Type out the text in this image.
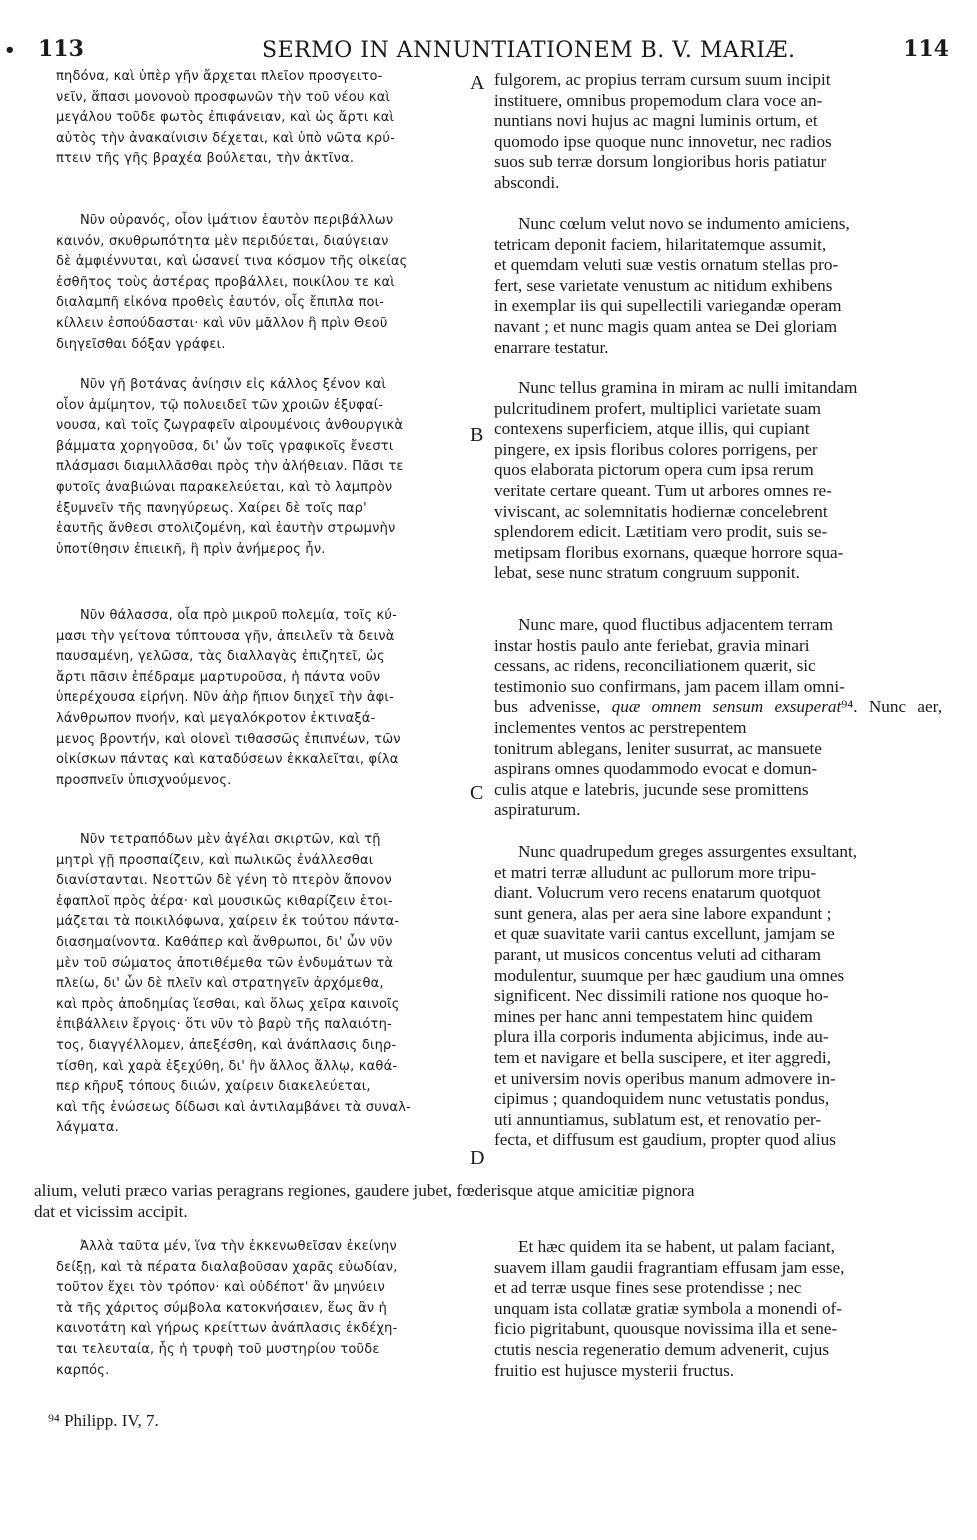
• 113	SERMO IN ANNUNTIATIONEM B. V. MARIÆ.	114
πηδόνα, καὶ ὑπὲρ γῆν ἄρχεται πλεῖον προσγειτο-
νεῖν, ἅπασι μονονοὺ προσφωνῶν τὴν τοῦ νέου καὶ
μεγάλου τοῦδε φωτὸς ἐπιφάνειαν, καὶ ὡς ἄρτι καὶ
αὐτὸς τὴν ἀνακαίνισιν δέχεται, καὶ ὑπὸ νῶτα κρύ-
πτειν τῆς γῆς βραχέα βούλεται, τὴν ἀκτῖνα.
Νῦν οὐρανός, οἷον ἱμάτιον ἑαυτὸν περιβάλλων
καινόν, σκυθρωπότητα μὲν περιδύεται, διαύγειαν
δὲ ἀμφιέννυται, καὶ ὡσανεί τινα κόσμον τῆς οἰκείας
ἐσθῆτος τοὺς ἀστέρας προβάλλει, ποικίλου τε καὶ
διαλαμπῆ εἰκόνα προθεὶς ἑαυτόν, οἷς ἔπιπλα ποι-
κίλλειν ἐσπούδασται· καὶ νῦν μᾶλλον ἢ πρὶν Θεοῦ
διηγεῖσθαι δόξαν γράφει.
Νῦν γῆ βοτάνας ἀνίησιν εἰς κάλλος ξένον καὶ
οἷον ἀμίμητον, τῷ πολυειδεῖ τῶν χροιῶν ἐξυφαί-
νουσα, καὶ τοῖς ζωγραφεῖν αἱρουμένοις ἀνθουργικὰ
βάμματα χορηγοῦσα, δι' ὧν τοῖς γραφικοῖς ἔνεστι
πλάσμασι διαμιλλᾶσθαι πρὸς τὴν ἀλήθειαν. Πᾶσι τε
φυτοῖς ἀναβιώναι παρακελεύεται, καὶ τὸ λαμπρὸν
ἐξυμνεῖν τῆς πανηγύρεως. Χαίρει δὲ τοῖς παρ'
ἑαυτῆς ἄνθεσι στολιζομένη, καὶ ἑαυτὴν στρωμνὴν
ὑποτίθησιν ἐπιεικῆ, ἣ πρὶν ἀνήμερος ἦν.
Νῦν θάλασσα, οἷα πρὸ μικροῦ πολεμία, τοῖς κύ-
μασι τὴν γείτονα τύπτουσα γῆν, ἀπειλεῖν τὰ δεινὰ
παυσαμένη, γελῶσα, τὰς διαλλαγὰς ἐπιζητεῖ, ὡς
ἄρτι πᾶσιν ἐπέδραμε μαρτυροῦσα, ἡ πάντα νοῦν
ὑπερέχουσα εἰρήνη. Νῦν ἀὴρ ἤπιον διηχεῖ τὴν ἀφι-
λάνθρωπον πνοήν, καὶ μεγαλόκροτον ἐκτιναξά-
μενος βροντήν, καὶ οἱονεὶ τιθασσῶς ἐπιπνέων, τῶν
οἰκίσκων πάντας καὶ καταδύσεων ἐκκαλεῖται, φίλα
προσπνεῖν ὑπισχνούμενος.
Νῦν τετραπόδων μὲν ἀγέλαι σκιρτῶν, καὶ τῇ
μητρὶ γῇ προσπαίζειν, καὶ πωλικῶς ἐνάλλεσθαι
διανίστανται. Νεοττῶν δὲ γένη τὸ πτερὸν ἄπονον
ἐφαπλοῖ πρὸς ἀέρα· καὶ μουσικῶς κιθαρίζειν ἑτοι-
μάζεται τὰ ποικιλόφωνα, χαίρειν ἐκ τούτου πάντα-
διασημαίνοντα. Καθάπερ καὶ ἄνθρωποι, δι' ὧν νῦν
μὲν τοῦ σώματος ἀποτιθέμεθα τῶν ἐνδυμάτων τὰ
πλείω, δι' ὧν δὲ πλεῖν καὶ στρατηγεῖν ἀρχόμεθα,
καὶ πρὸς ἀποδημίας ἵεσθαι, καὶ ὅλως χεῖρα καινοῖς
ἐπιβάλλειν ἔργοις· ὅτι νῦν τὸ βαρὺ τῆς παλαιότη-
τος, διαγγέλλομεν, ἀπεξέσθη, καὶ ἀνάπλασις διηρ-
τίσθη, καὶ χαρὰ ἐξεχύθη, δι' ἣν ἄλλος ἄλλῳ, καθά-
περ κῆρυξ τόπους διιών, χαίρειν διακελεύεται,
καὶ τῆς ἑνώσεως δίδωσι καὶ ἀντιλαμβάνει τὰ συναλ-
λάγματα.
Ἀλλὰ ταῦτα μέν, ἵνα τὴν ἐκκενωθεῖσαν ἐκείνην
δείξῃ, καὶ τὰ πέρατα διαλαβοῦσαν χαρᾶς εὐωδίαν,
τοῦτον ἔχει τὸν τρόπον· καὶ οὐδέποτ' ἂν μηνύειν
τὰ τῆς χάριτος σύμβολα κατοκνήσαιεν, ἕως ἂν ἡ
καινοτάτη καὶ γήρως κρείττων ἀνάπλασις ἐκδέχη-
ται τελευταία, ἧς ἡ τρυφὴ τοῦ μυστηρίου τοῦδε
καρπός.
A
B
C
D
fulgorem, ac propius terram cursum suum incipit
instituere, omnibus propemodum clara voce an-
nuntians novi hujus ac magni luminis ortum, et
quomodo ipse quoque nunc innovetur, nec radios
suos sub terræ dorsum longioribus horis patiatur
abscondi.
Nunc cœlum velut novo se indumento amiciens,
tetricam deponit faciem, hilaritatemque assumit,
et quemdam veluti suæ vestis ornatum stellas pro-
fert, sese varietate venustum ac nitidum exhibens
in exemplar iis qui supellectili variegandæ operam
navant ; et nunc magis quam antea se Dei gloriam
enarrare testatur.
Nunc tellus gramina in miram ac nulli imitandam
pulcritudinem profert, multiplici varietate suam
contexens superficiem, atque illis, qui cupiant
pingere, ex ipsis floribus colores porrigens, per
quos elaborata pictorum opera cum ipsa rerum
veritate certare queant. Tum ut arbores omnes re-
viviscant, ac solemnitatis hodiernæ concelebrent
splendorem edicit. Lætitiam vero prodit, suis se-
metipsam floribus exornans, quæque horrore squa-
lebat, sese nunc stratum congruum supponit.
Nunc mare, quod fluctibus adjacentem terram
instar hostis paulo ante feriebat, gravia minari
cessans, ac ridens, reconciliationem quærit, sic
testimonio suo confirmans, jam pacem illam omni-
bus advenisse, quæ omnem sensum exsuperat⁹⁴. Nunc aer, inclementes ventos ac perstrepentem
tonitrum ablegans, leniter susurrat, ac mansuete
aspirans omnes quodammodo evocat e domun-
culis atque e latebris, jucunde sese promittens
aspiraturum.
Nunc quadrupedum greges assurgentes exsultant,
et matri terræ alludunt ac pullorum more tripu-
diant. Volucrum vero recens enatarum quotquot
sunt genera, alas per aera sine labore expandunt ;
et quæ suavitate varii cantus excellunt, jamjam se
parant, ut musicos concentus veluti ad citharam
modulentur, suumque per hæc gaudium una omnes
significent. Nec dissimili ratione nos quoque ho-
mines per hanc anni tempestatem hinc quidem
plura illa corporis indumenta abjicimus, inde au-
tem et navigare et bella suscipere, et iter aggredi,
et universim novis operibus manum admovere in-
cipimus ; quandoquidem nunc vetustatis pondus,
uti annuntiamus, sublatum est, et renovatio per-
fecta, et diffusum est gaudium, propter quod alius
alium, veluti præco varias peragrans regiones, gaudere jubet, fœderisque atque amicitiæ pignora
dat et vicissim accipit.
Et hæc quidem ita se habent, ut palam faciant,
suavem illam gaudii fragrantiam effusam jam esse,
et ad terræ usque fines sese protendisse ; nec
unquam ista collatæ gratiæ symbola a monendi of-
ficio pigritabunt, quousque novissima illa et sene-
ctutis nescia regeneratio demum advenerit, cujus
fruitio est hujusce mysterii fructus.
⁹⁴ Philipp. IV, 7.
